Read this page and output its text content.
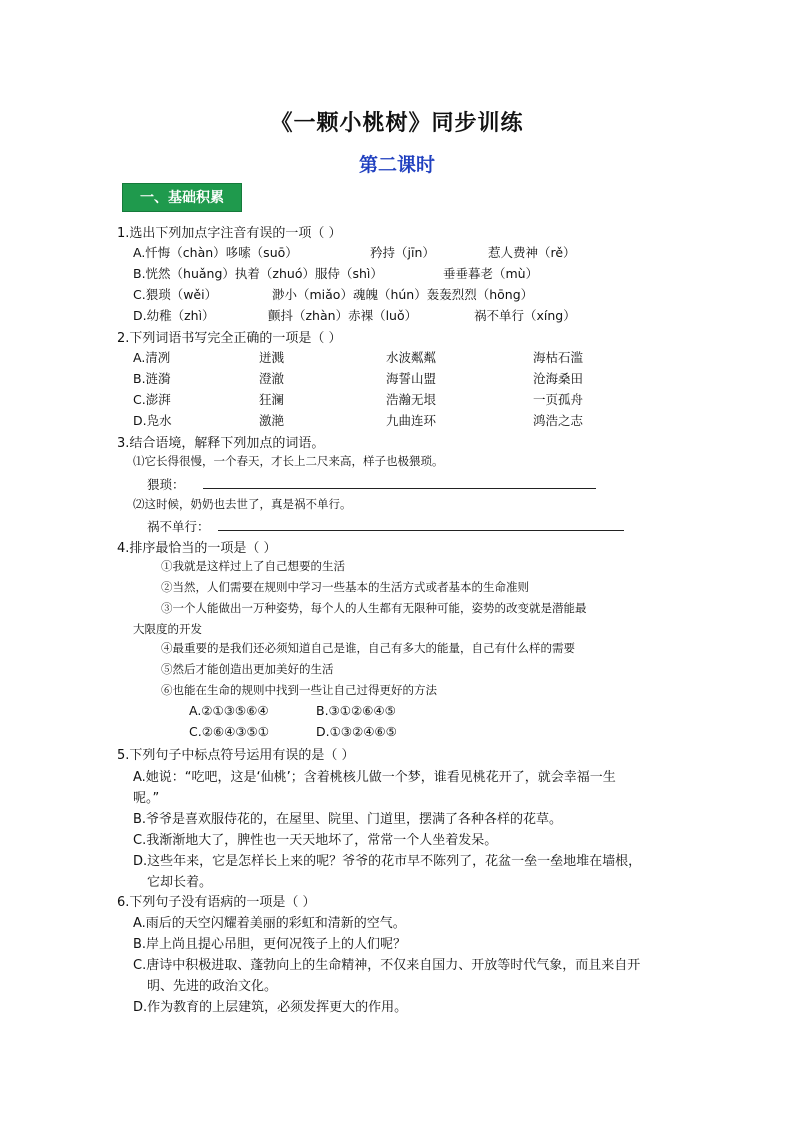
《一颗小桃树》同步训练
第二课时
一、基础积累
1.选出下列加点字注音有误的一项（ ）
A.忏悔（chàn）哆嗦（suō）	矜持（jīn）	惹人费神（rě）
B.恍然（huǎng）执着（zhuó）服侍（shì）	垂垂暮老（mù）
C.猥琐（wěi）	渺小（miǎo）魂魄（hún）轰轰烈烈（hōng）
D.幼稚（zhì）	颤抖（zhàn）赤裸（luǒ）	祸不单行（xíng）
2.下列词语书写完全正确的一项是（ ）
A.清冽	迸溅	水波粼粼	海枯石滥
B.涟漪	澄澈	海誓山盟	沧海桑田
C.澎湃	狂澜	浩瀚无垠	一页孤舟
D.凫水	激滟	九曲连环	鸿浩之志
3.结合语境，解释下列加点的词语。
⑴它长得很慢，一个春天，才长上二尺来高，样子也极猥琐。
猥琐：
⑵这时候，奶奶也去世了，真是祸不单行。
祸不单行：
4.排序最恰当的一项是（ ）
①我就是这样过上了自己想要的生活
②当然，人们需要在规则中学习一些基本的生活方式或者基本的生命准则
③一个人能做出一万种姿势，每个人的人生都有无限种可能，姿势的改变就是潜能最
大限度的开发
④最重要的是我们还必须知道自己是谁，自己有多大的能量，自己有什么样的需要
⑤然后才能创造出更加美好的生活
⑥也能在生命的规则中找到一些让自己过得更好的方法
A.②①③⑤⑥④	B.③①②⑥④⑤
C.②⑥④③⑤①	D.①③②④⑥⑤
5.下列句子中标点符号运用有误的是（ ）
A.她说：“吃吧，这是‘仙桃’；含着桃核儿做一个梦，谁看见桃花开了，就会幸福一生
呢。”
B.爷爷是喜欢服侍花的，在屋里、院里、门道里，摆满了各种各样的花草。
C.我渐渐地大了，脾性也一天天地坏了，常常一个人坐着发呆。
D.这些年来，它是怎样长上来的呢？爷爷的花市早不陈列了，花盆一垒一垒地堆在墙根，
它却长着。
6.下列句子没有语病的一项是（ ）
A.雨后的天空闪耀着美丽的彩虹和清新的空气。
B.岸上尚且提心吊胆，更何况筏子上的人们呢？
C.唐诗中积极进取、蓬勃向上的生命精神，不仅来自国力、开放等时代气象，而且来自开
明、先进的政治文化。
D.作为教育的上层建筑，必须发挥更大的作用。
